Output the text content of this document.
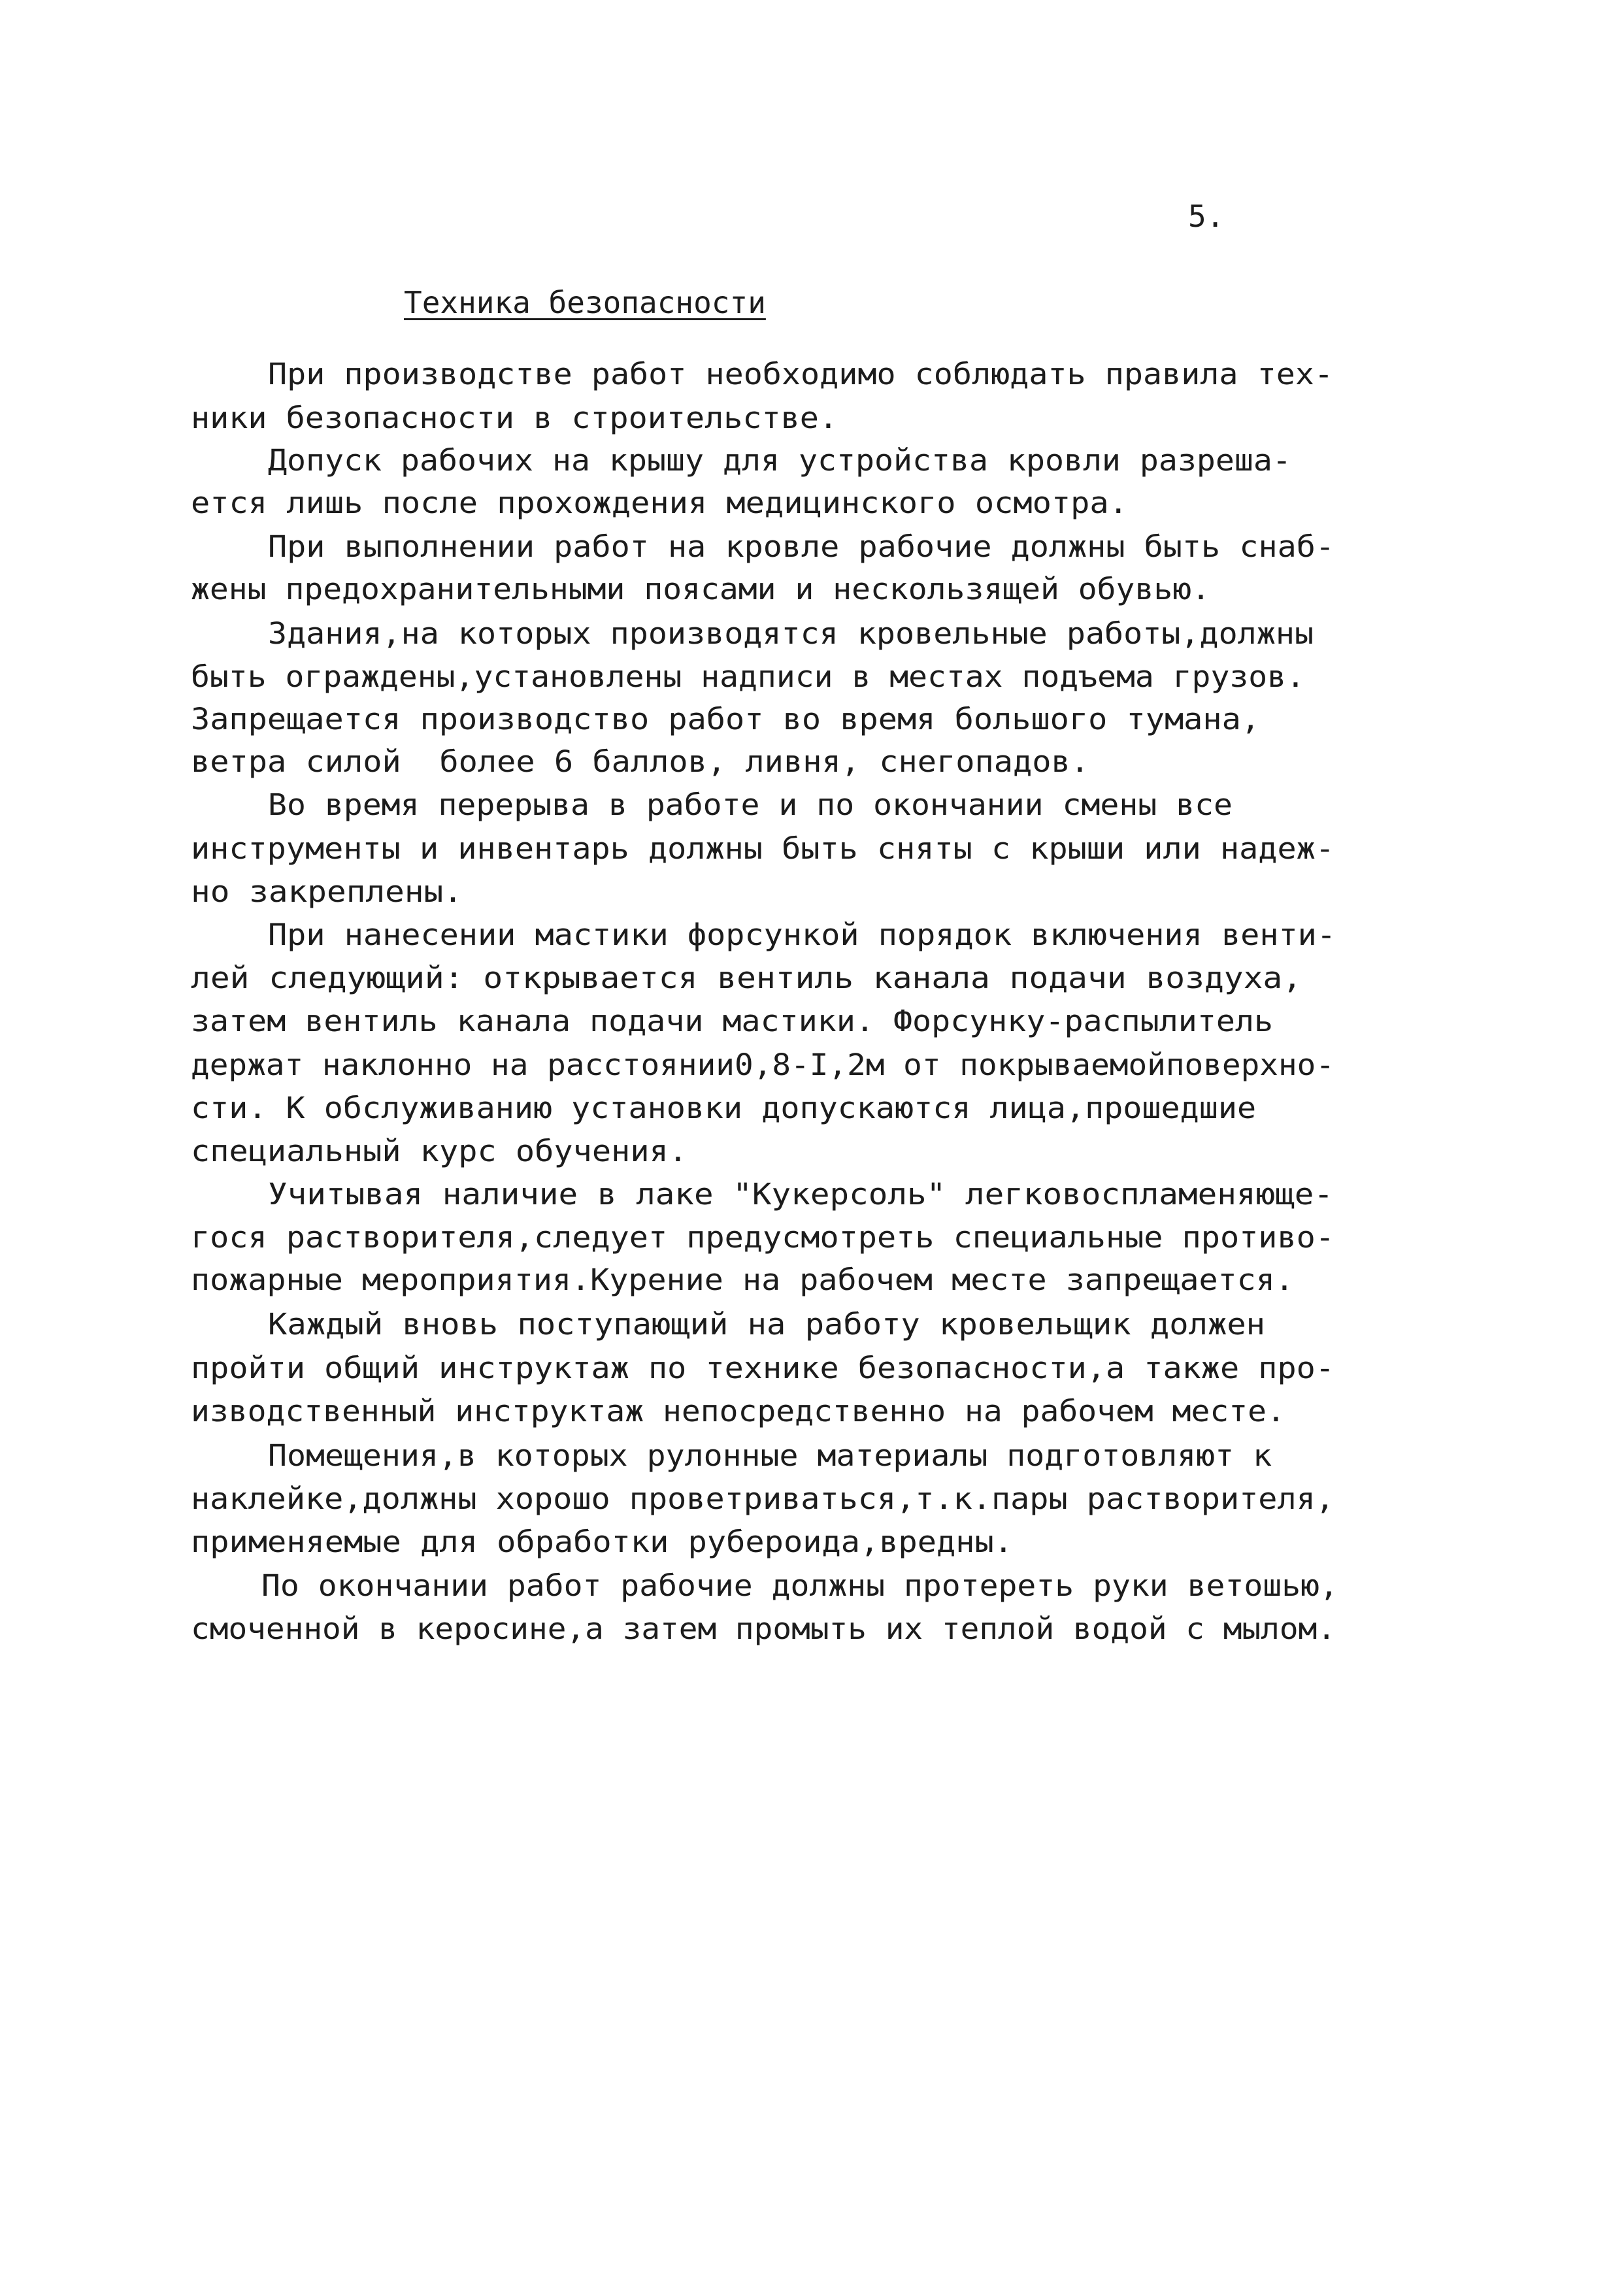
5.
Техника безопасности
При производстве работ необходимо соблюдать правила тех-
ники безопасности в строительстве.
Допуск рабочих на крышу для устройства кровли разреша-
ется лишь после прохождения медицинского осмотра.
При выполнении работ на кровле рабочие должны быть снаб-
жены предохранительными поясами и нескользящей обувью.
Здания,на которых производятся кровельные работы,должны
быть ограждены,установлены надписи в местах подъема грузов.
Запрещается производство работ во время большого тумана,
ветра силой  более 6 баллов, ливня, снегопадов.
Во время перерыва в работе и по окончании смены все
инструменты и инвентарь должны быть сняты с крыши или надеж-
но закреплены.
При нанесении мастики форсункой порядок включения венти-
лей следующий: открывается вентиль канала подачи воздуха,
затем вентиль канала подачи мастики. Форсунку-распылитель
держат наклонно на расстоянии0,8-I,2м от покрываемойповерхно-
сти. К обслуживанию установки допускаются лица,прошедшие
специальный курс обучения.
Учитывая наличие в лаке "Кукерсоль" легковоспламеняюще-
гося растворителя,следует предусмотреть специальные противо-
пожарные мероприятия.Курение на рабочем месте запрещается.
Каждый вновь поступающий на работу кровельщик должен
пройти общий инструктаж по технике безопасности,а также про-
изводственный инструктаж непосредственно на рабочем месте.
Помещения,в которых рулонные материалы подготовляют к
наклейке,должны хорошо проветриваться,т.к.пары растворителя,
применяемые для обработки рубероида,вредны.
По окончании работ рабочие должны протереть руки ветошью,
смоченной в керосине,а затем промыть их теплой водой с мылом.
